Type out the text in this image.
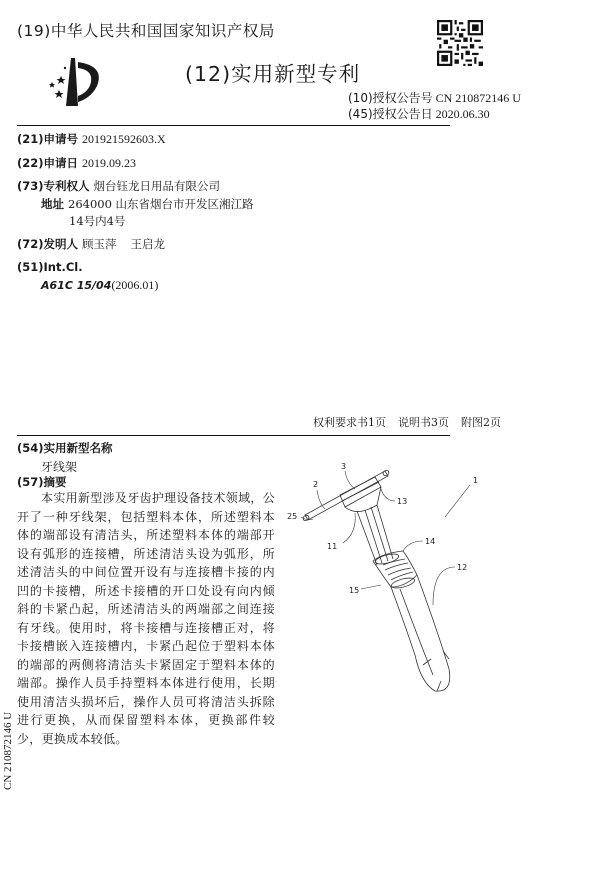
(19)中华人民共和国国家知识产权局
(12)实用新型专利
(10)授权公告号 CN 210872146 U
(45)授权公告日 2020.06.30
(21)申请号 201921592603.X
(22)申请日 2019.09.23
(73)专利权人 烟台钰龙日用品有限公司
地址 264000 山东省烟台市开发区湘江路
14号内4号
(72)发明人 顾玉萍 王启龙
(51)Int.Cl.
A61C 15/04(2006.01)
权利要求书1页 说明书3页 附图2页
(54)实用新型名称
牙线架
(57)摘要
本实用新型涉及牙齿护理设备技术领域，公开了一种牙线架，包括塑料本体，所述塑料本体的端部设有清洁头，所述塑料本体的端部开设有弧形的连接槽，所述清洁头设为弧形，所述清洁头的中间位置开设有与连接槽卡接的内凹的卡接槽，所述卡接槽的开口处设有向内倾斜的卡紧凸起，所述清洁头的两端部之间连接有牙线。使用时，将卡接槽与连接槽正对，将卡接槽嵌入连接槽内，卡紧凸起位于塑料本体的端部的两侧将清洁头卡紧固定于塑料本体的端部。操作人员手持塑料本体进行使用，长期使用清洁头损坏后，操作人员可将清洁头拆除进行更换，从而保留塑料本体，更换部件较少，更换成本较低。
CN 210872146 U
1
2
3
25
13
11
14
12
15
